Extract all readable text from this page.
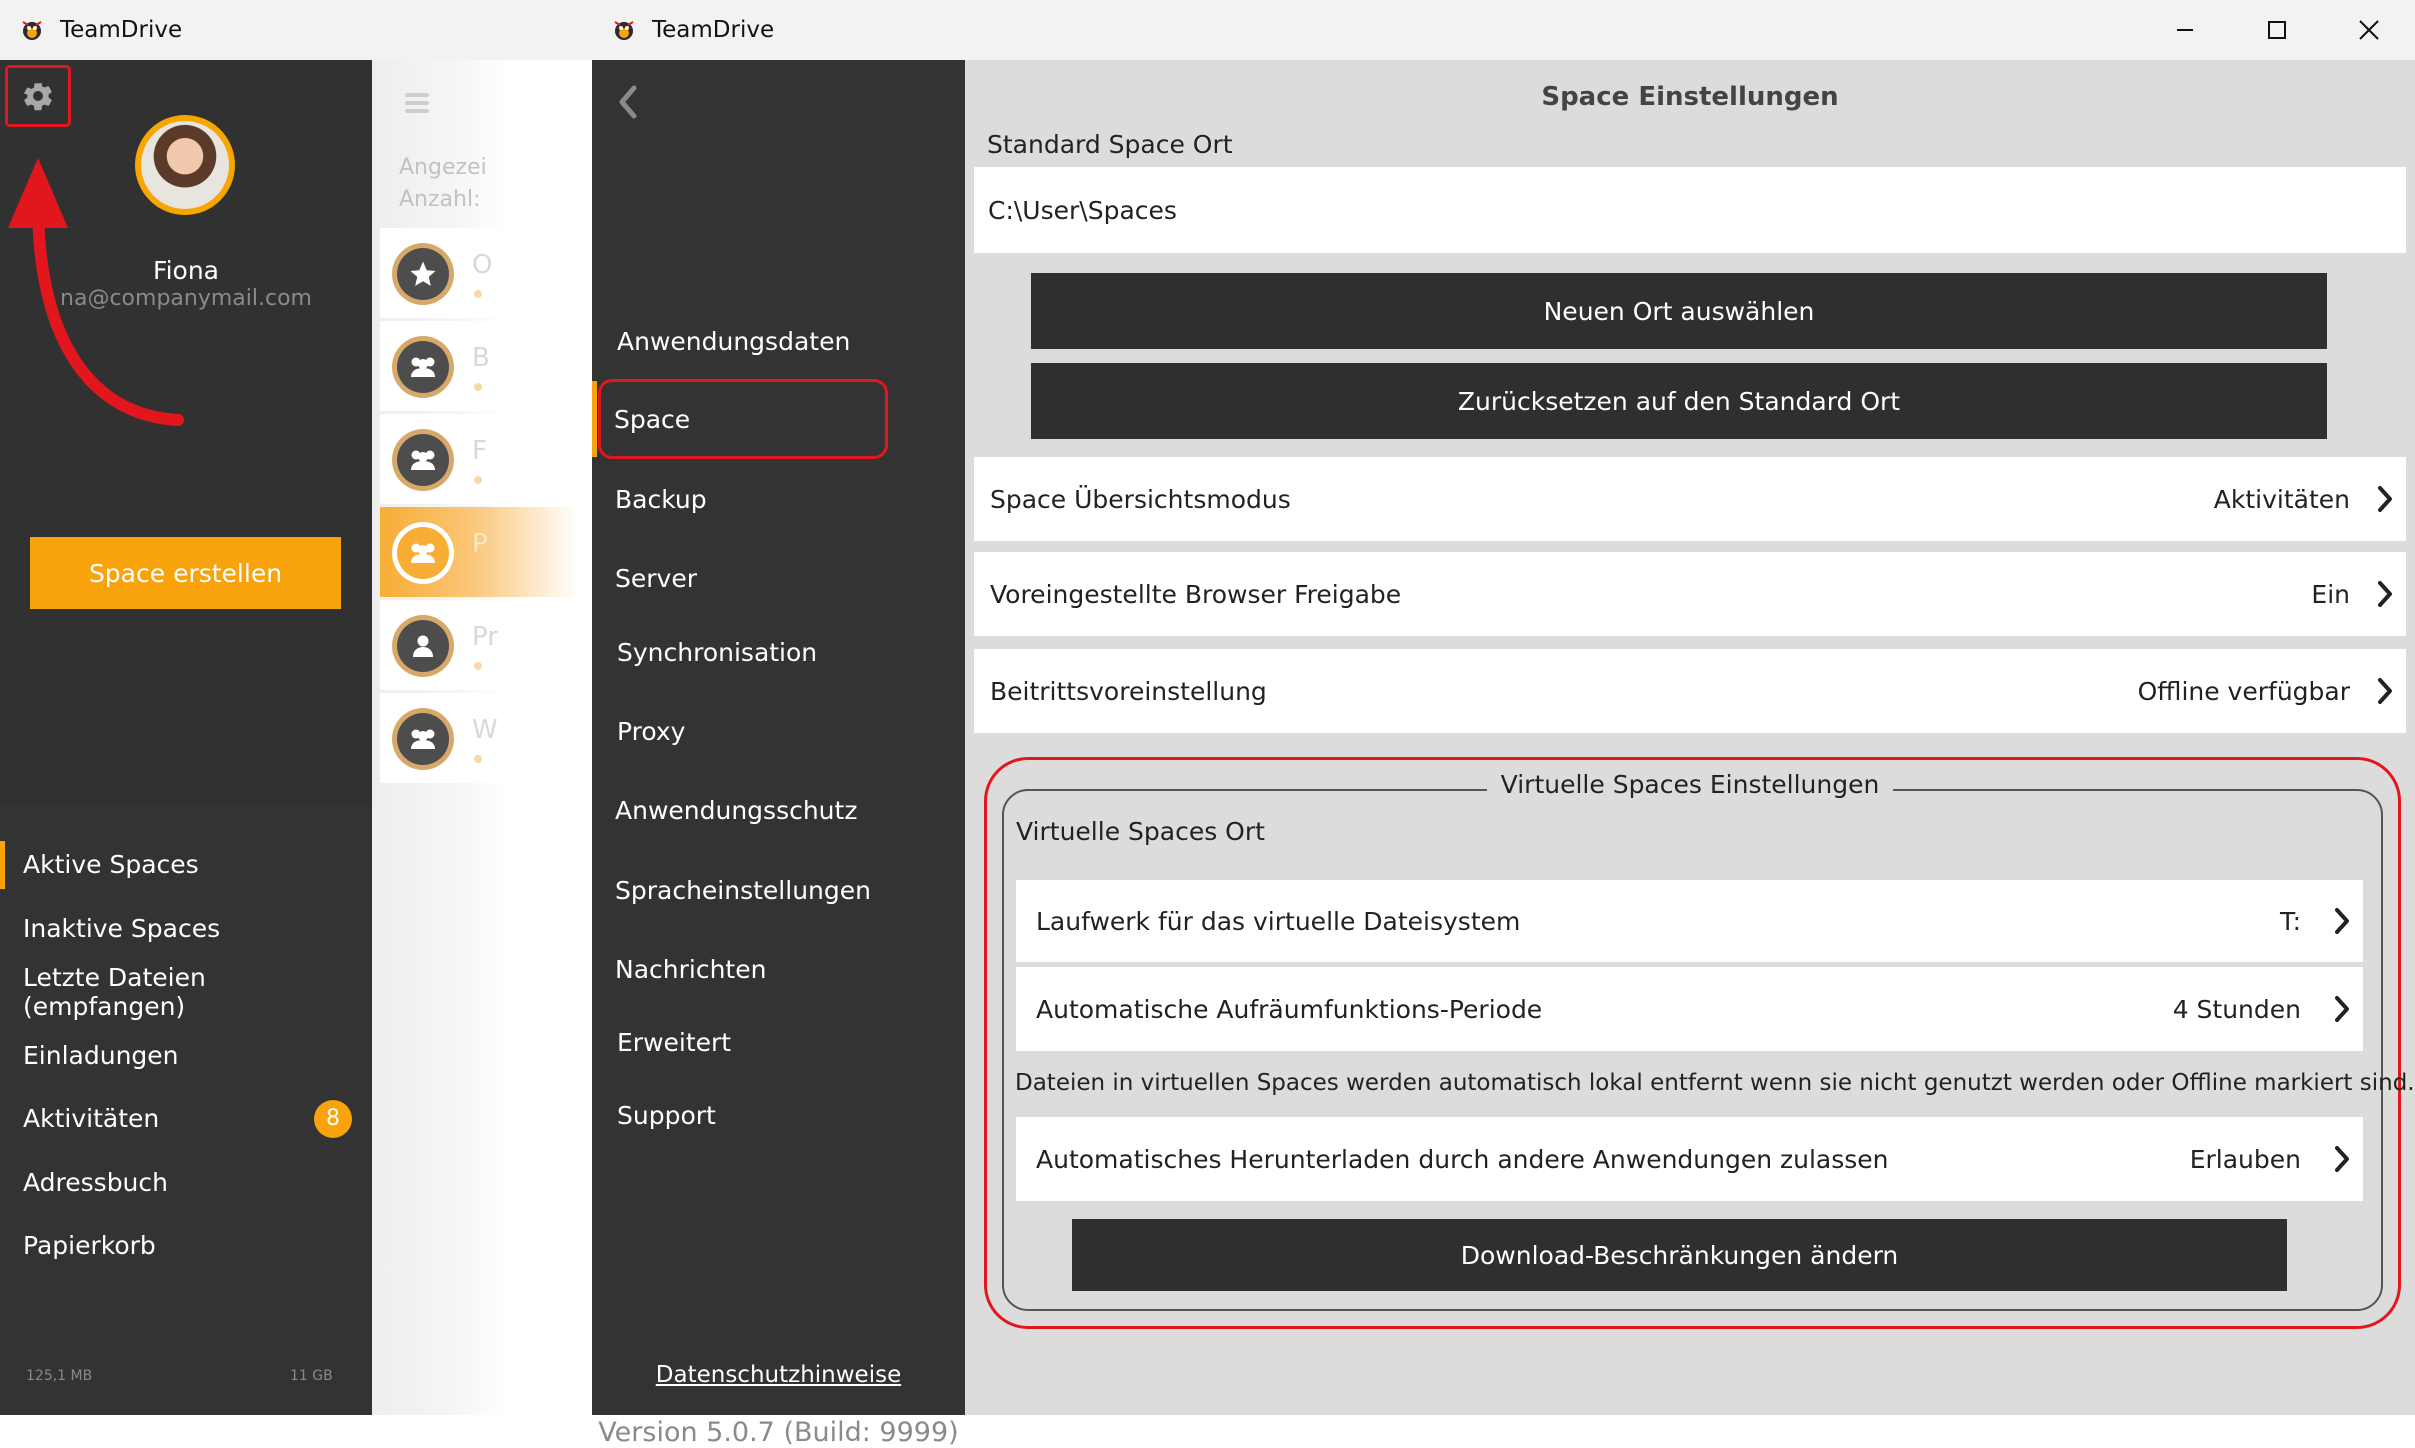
TeamDrive
Fiona
na@companymail.com
Space erstellen
Aktive Spaces
Inaktive Spaces
Letzte Dateien (empfangen)
Einladungen
Aktivitäten	8
Adressbuch
Papierkorb
125,1 MB	11 GB
Angezei
Anzahl:
O
B
F
P
Pr
W
TeamDrive
Anwendungsdaten
Space
Backup
Server
Synchronisation
Proxy
Anwendungsschutz
Spracheinstellungen
Nachrichten
Erweitert
Support
Datenschutzhinweise
Version 5.0.7 (Build: 9999)
Space Einstellungen
Standard Space Ort
C:\User\Spaces
Neuen Ort auswählen
Zurücksetzen auf den Standard Ort
Space Übersichtsmodus	Aktivitäten
Voreingestellte Browser Freigabe	Ein
Beitrittsvoreinstellung	Offline verfügbar
Virtuelle Spaces Einstellungen
Virtuelle Spaces Ort
Laufwerk für das virtuelle Dateisystem	T:
Automatische Aufräumfunktions-Periode	4 Stunden
Dateien in virtuellen Spaces werden automatisch lokal entfernt wenn sie nicht genutzt werden oder Offline markiert sind.
Automatisches Herunterladen durch andere Anwendungen zulassen	Erlauben
Download-Beschränkungen ändern
